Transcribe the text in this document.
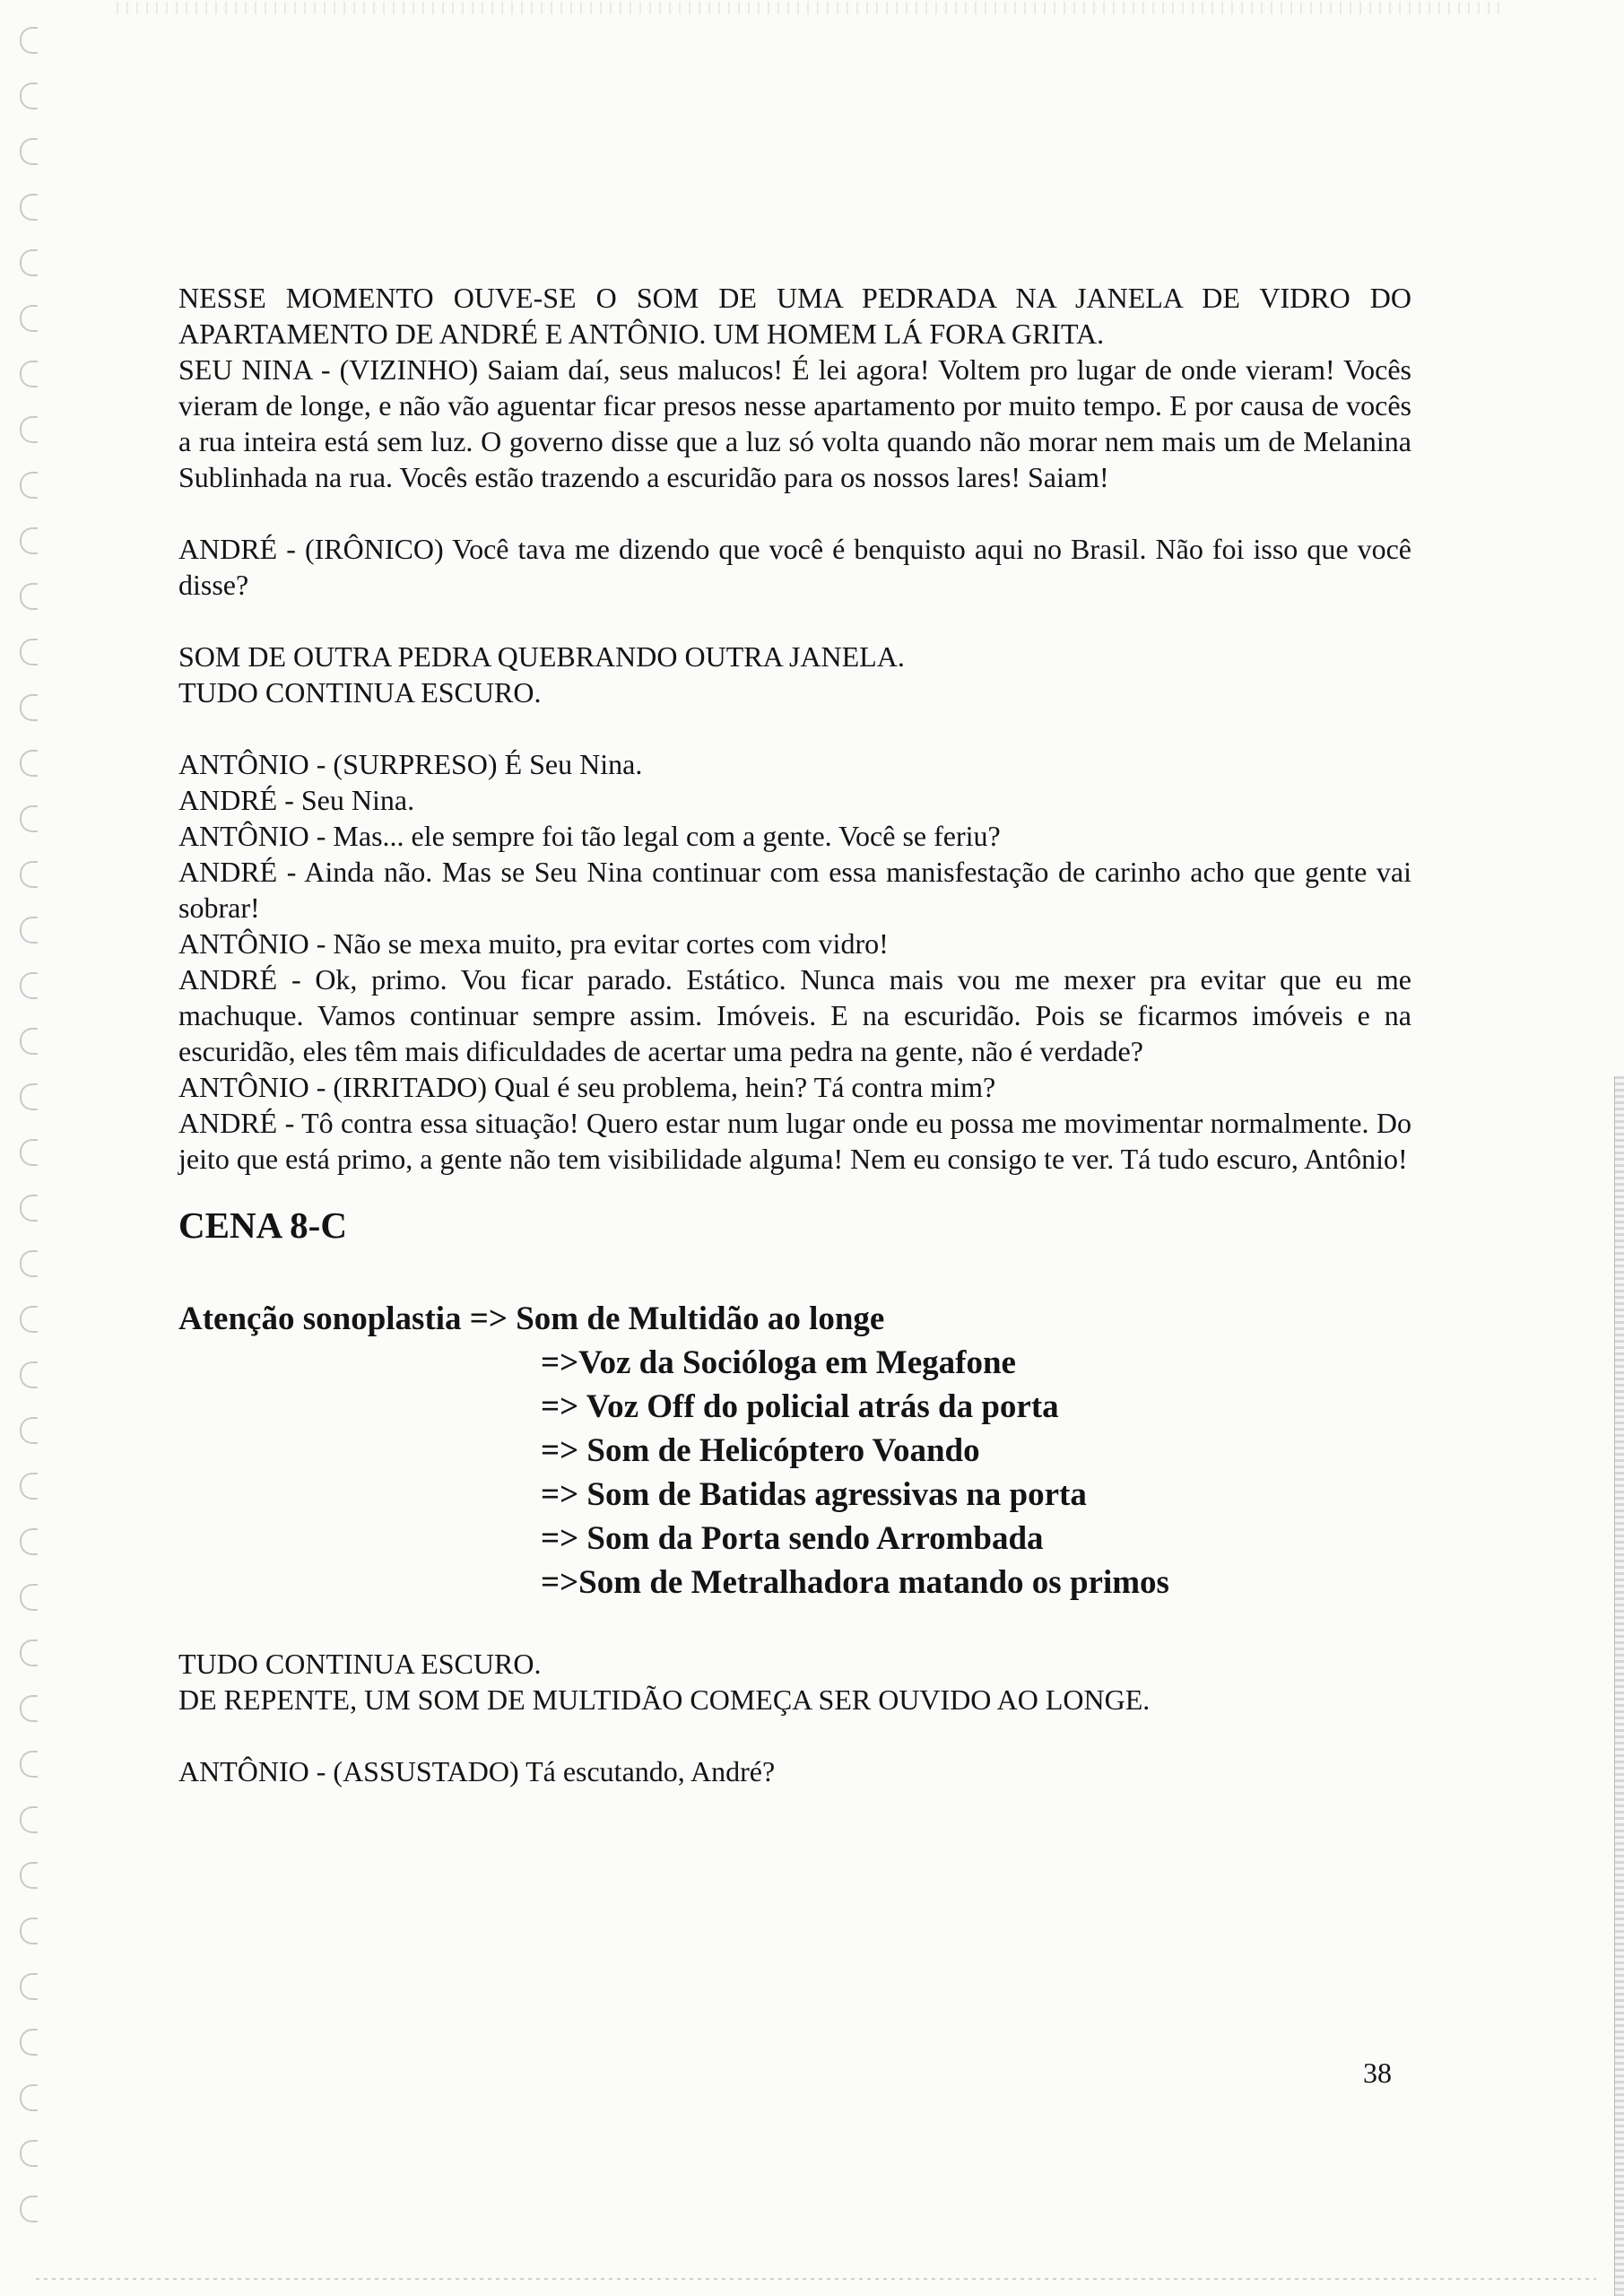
NESSE MOMENTO OUVE-SE O SOM DE UMA PEDRADA NA JANELA DE VIDRO DO APARTAMENTO DE ANDRÉ E ANTÔNIO. UM HOMEM LÁ FORA GRITA.

SEU NINA - (VIZINHO) Saiam daí, seus malucos! É lei agora! Voltem pro lugar de onde vieram! Vocês vieram de longe, e não vão aguentar ficar presos nesse apartamento por muito tempo. E por causa de vocês a rua inteira está sem luz. O governo disse que a luz só volta quando não morar nem mais um de Melanina Sublinhada na rua. Vocês estão trazendo a escuridão para os nossos lares! Saiam!

ANDRÉ - (IRÔNICO) Você tava me dizendo que você é benquisto aqui no Brasil. Não foi isso que você disse?

SOM DE OUTRA PEDRA QUEBRANDO OUTRA JANELA.

TUDO CONTINUA ESCURO.

ANTÔNIO - (SURPRESO) É Seu Nina.

ANDRÉ - Seu Nina.

ANTÔNIO - Mas... ele sempre foi tão legal com a gente. Você se feriu?

ANDRÉ - Ainda não. Mas se Seu Nina continuar com essa manisfestação de carinho acho que gente vai sobrar!

ANTÔNIO - Não se mexa muito, pra evitar cortes com vidro!

ANDRÉ - Ok, primo. Vou ficar parado. Estático. Nunca mais vou me mexer pra evitar que eu me machuque. Vamos continuar sempre assim. Imóveis. E na escuridão. Pois se ficarmos imóveis e na escuridão, eles têm mais dificuldades de acertar uma pedra na gente, não é verdade?

ANTÔNIO - (IRRITADO) Qual é seu problema, hein? Tá contra mim?

ANDRÉ - Tô contra essa situação! Quero estar num lugar onde eu possa me movimentar normalmente. Do jeito que está primo, a gente não tem visibilidade alguma! Nem eu consigo te ver. Tá tudo escuro, Antônio!

CENA 8-C
Atenção sonoplastia => Som de Multidão ao longe
=>Voz da Socióloga em Megafone
=> Voz Off do policial atrás da porta
=> Som de Helicóptero Voando
=> Som de Batidas agressivas na porta
=> Som da Porta sendo Arrombada
=>Som de Metralhadora matando os primos

TUDO CONTINUA ESCURO.

DE REPENTE, UM SOM DE MULTIDÃO COMEÇA SER OUVIDO AO LONGE.

ANTÔNIO - (ASSUSTADO) Tá escutando, André?

38
